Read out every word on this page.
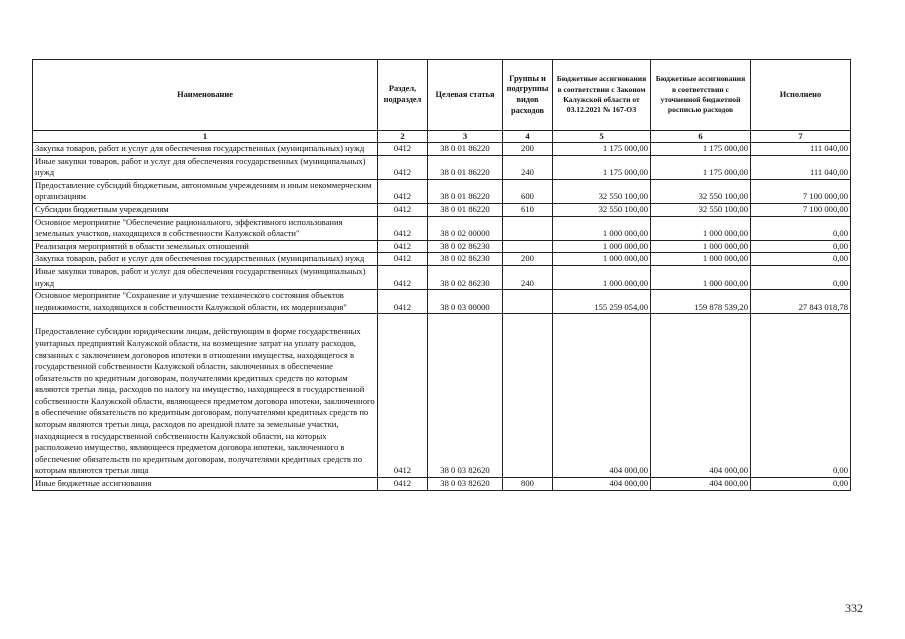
Наименование	Раздел, подраздел	Целевая статья	Группы и подгруппы видов расходов	Бюджетные ассигнования в соответствии с Законом Калужской области от 03.12.2021 № 167-ОЗ	Бюджетные ассигнования в соответствии с уточненной бюджетной росписью расходов	Исполнено
1	2	3	4	5	6	7
Закупка товаров, работ и услуг для обеспечения государственных (муниципальных) нужд	0412	38 0 01 86220	200	1 175 000,00	1 175 000,00	111 040,00
Иные закупки товаров, работ и услуг для обеспечения государственных (муниципальных) нужд	0412	38 0 01 86220	240	1 175 000,00	1 175 000,00	111 040,00
Предоставление субсидий бюджетным, автономным учреждениям и иным некоммерческим организациям	0412	38 0 01 86220	600	32 550 100,00	32 550 100,00	7 100 000,00
Субсидии бюджетным учреждениям	0412	38 0 01 86220	610	32 550 100,00	32 550 100,00	7 100 000,00
Основное мероприятие "Обеспечение рационального, эффективного использования земельных участков, находящихся в собственности Калужской области"	0412	38 0 02 00000		1 000 000,00	1 000 000,00	0,00
Реализация мероприятий в области земельных отношений	0412	38 0 02 86230		1 000 000,00	1 000 000,00	0,00
Закупка товаров, работ и услуг для обеспечения государственных (муниципальных) нужд	0412	38 0 02 86230	200	1 000 000,00	1 000 000,00	0,00
Иные закупки товаров, работ и услуг для обеспечения государственных (муниципальных) нужд	0412	38 0 02 86230	240	1 000 000,00	1 000 000,00	0,00
Основное мероприятие "Сохранение и улучшение технического состояния объектов недвижимости, находящихся в собственности Калужской области, их модернизация"	0412	38 0 03 00000		155 259 054,00	159 878 539,20	27 843 018,78
Предоставление субсидии юридическим лицам, действующим в форме государственных унитарных предприятий Калужской области, на возмещение затрат на уплату расходов, связанных с заключением договоров ипотеки в отношении имущества, находящегося в государственной собственности Калужской области, заключенных в обеспечение обязательств по кредитным договорам, получателями кредитных средств по которым являются третьи лица, расходов по налогу на имущество, находящееся в государственной собственности Калужской области, являющееся предметом договора ипотеки, заключенного в обеспечение обязательств по кредитным договорам, получателями кредитных средств по которым являются третьи лица, расходов по арендной плате за земельные участки, находящиеся в государственной собственности Калужской области, на которых расположено имущество, являющееся предметом договора ипотеки, заключенного в обеспечение обязательств по кредитным договорам, получателями кредитных средств по которым являются третьи лица	0412	38 0 03 82620		404 000,00	404 000,00	0,00
Иные бюджетные ассигнования	0412	38 0 03 82620	800	404 000,00	404 000,00	0,00
332
